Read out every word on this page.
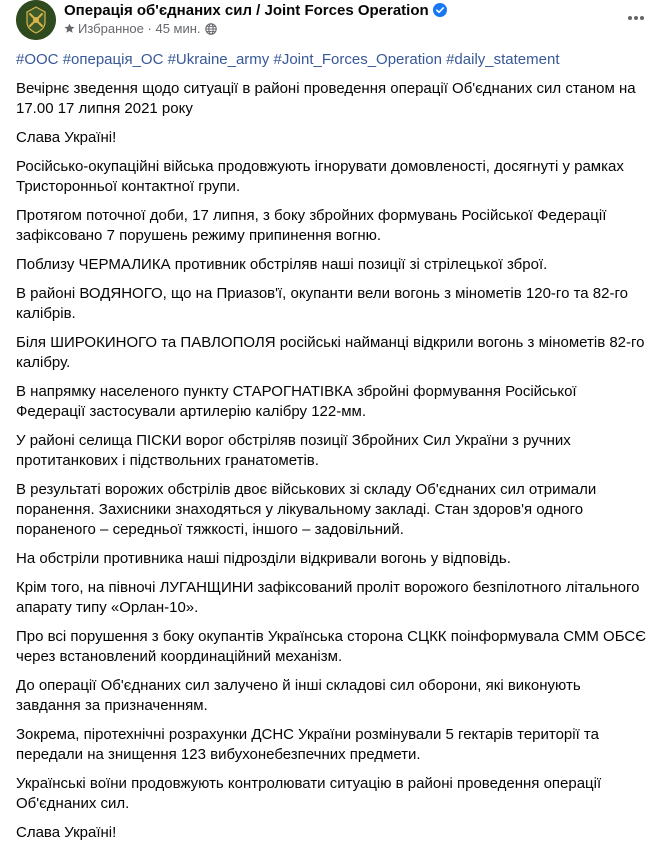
Операція об'єднаних сил / Joint Forces Operation
Избранное · 45 мин.
#ООС #операція_ОС #Ukraine_army #Joint_Forces_Operation #daily_statement

Вечірнє зведення щодо ситуації в районі проведення операції Об'єднаних сил станом на 17.00 17 липня 2021 року

Слава Україні!

Російсько-окупаційні війська продовжують ігнорувати домовленості, досягнуті у рамках Тристоронньої контактної групи.

Протягом поточної доби, 17 липня, з боку збройних формувань Російської Федерації зафіксовано 7 порушень режиму припинення вогню.

Поблизу ЧЕРМАЛИКА противник обстріляв наші позиції зі стрілецької зброї.

В районі ВОДЯНОГО, що на Приазов'ї, окупанти вели вогонь з мінометів 120-го та 82-го калібрів.

Біля ШИРОКИНОГО та ПАВЛОПОЛЯ російські найманці відкрили вогонь з мінометів 82-го калібру.

В напрямку населеного пункту СТАРОГНАТІВКА збройні формування Російської Федерації застосували артилерію калібру 122-мм.

У районі селища ПІСКИ ворог обстріляв позиції Збройних Сил України з ручних протитанкових і підствольних гранатометів.

В результаті ворожих обстрілів двоє військових зі складу Об'єднаних сил отримали поранення. Захисники знаходяться у лікувальному закладі. Стан здоров'я одного пораненого – середньої тяжкості, іншого – задовільний.

На обстріли противника наші підрозділи відкривали вогонь у відповідь.

Крім того, на півночі ЛУГАНЩИНИ зафіксований проліт ворожого безпілотного літального апарату типу «Орлан-10».

Про всі порушення з боку окупантів Українська сторона СЦКК поінформувала СММ ОБСЄ через встановлений координаційний механізм.

До операції Об'єднаних сил залучено й інші складові сил оборони, які виконують завдання за призначенням.

Зокрема, піротехнічні розрахунки ДСНС України розмінували 5 гектарів території та передали на знищення 123 вибухонебезпечних предмети.

Українські воїни продовжують контролювати ситуацію в районі проведення операції Об'єднаних сил.

Слава Україні!
